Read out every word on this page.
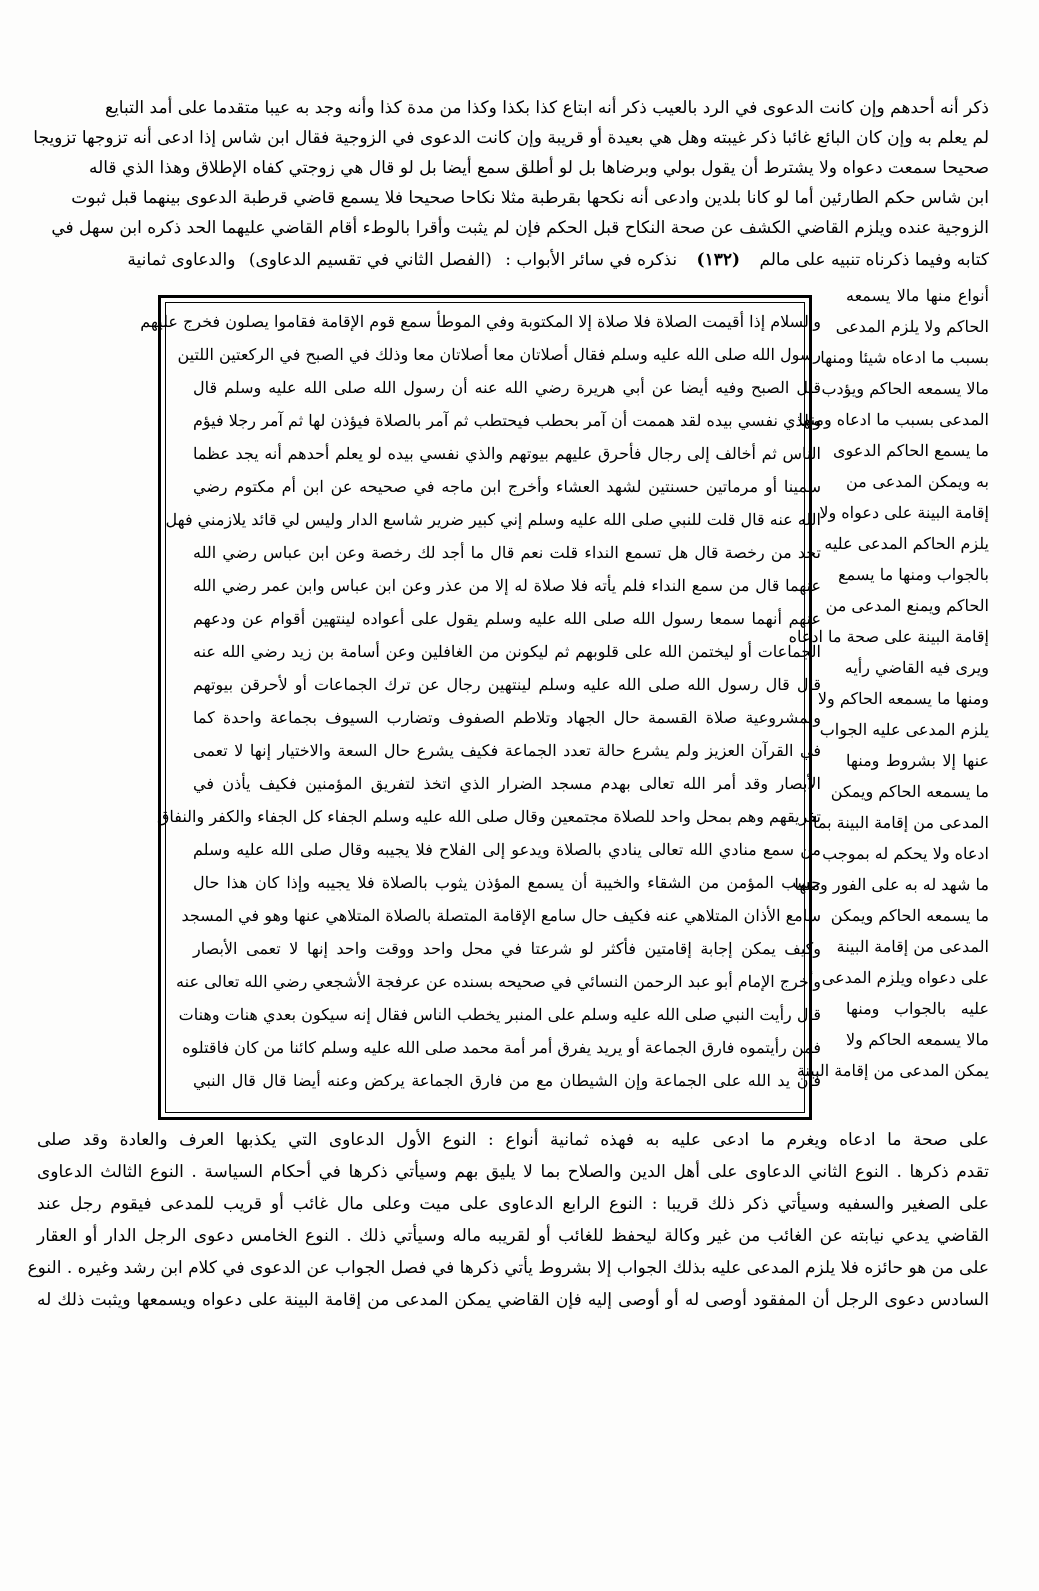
ذكر أنه أحدهم وإن كانت الدعوى في الرد بالعيب ذكر أنه ابتاع كذا بكذا وكذا من مدة كذا وأنه وجد به عيبا متقدما على أمد التبايع
لم يعلم به وإن كان البائع غائبا ذكر غيبته وهل هي بعيدة أو قريبة وإن كانت الدعوى في الزوجية فقال ابن شاس إذا ادعى أنه تزوجها تزويجا
صحيحا سمعت دعواه ولا يشترط أن يقول بولي وبرضاها بل لو أطلق سمع أيضا بل لو قال هي زوجتي كفاه الإطلاق وهذا الذي قاله
ابن شاس حكم الطارئين أما لو كانا بلدين وادعى أنه نكحها بقرطبة مثلا نكاحا صحيحا فلا يسمع قاضي قرطبة الدعوى بينهما قبل ثبوت
الزوجية عنده ويلزم القاضي الكشف عن صحة النكاح قبل الحكم فإن لم يثبت وأقرا بالوطء أقام القاضي عليهما الحد ذكره ابن سهل في
كتابه وفيما ذكرناه تنبيه على مالم (١٣٢) نذكره في سائر الأبواب : (الفصل الثاني في تقسيم الدعاوى) والدعاوى ثمانية
أنواع منها مالا يسمعه
الحاكم ولا يلزم المدعى
بسبب ما ادعاه شيئا ومنها
مالا يسمعه الحاكم ويؤدب
المدعى بسبب ما ادعاه ومنها
ما يسمع الحاكم الدعوى
به ويمكن المدعى من
إقامة البينة على دعواه ولا
يلزم الحاكم المدعى عليه
بالجواب ومنها ما يسمع
الحاكم ويمنع المدعى من
إقامة البينة على صحة ما ادعاه
ويرى فيه القاضي رأيه
ومنها ما يسمعه الحاكم ولا
يلزم المدعى عليه الجواب
عنها إلا بشروط ومنها
ما يسمعه الحاكم ويمكن
المدعى من إقامة البينة بما
ادعاه ولا يحكم له بموجب
ما شهد له به على الفور ومنها
ما يسمعه الحاكم ويمكن
المدعى من إقامة البينة
على دعواه ويلزم المدعى
عليه بالجواب ومنها
مالا يسمعه الحاكم ولا
يمكن المدعى من إقامة البينة
والسلام إذا أقيمت الصلاة فلا صلاة إلا المكتوبة وفي الموطأ سمع قوم الإقامة فقاموا يصلون فخرج عليهم
رسول الله صلى الله عليه وسلم فقال أصلاتان معا أصلاتان معا وذلك في الصبح في الركعتين اللتين
قبل الصبح وفيه أيضا عن أبي هريرة رضي الله عنه أن رسول الله صلى الله عليه وسلم قال
والذي نفسي بيده لقد هممت أن آمر بحطب فيحتطب ثم آمر بالصلاة فيؤذن لها ثم آمر رجلا فيؤم
الناس ثم أخالف إلى رجال فأحرق عليهم بيوتهم والذي نفسي بيده لو يعلم أحدهم أنه يجد عظما
سمينا أو مرماتين حسنتين لشهد العشاء وأخرج ابن ماجه في صحيحه عن ابن أم مكتوم رضي
الله عنه قال قلت للنبي صلى الله عليه وسلم إني كبير ضرير شاسع الدار وليس لي قائد يلازمني فهل
تجد من رخصة قال هل تسمع النداء قلت نعم قال ما أجد لك رخصة وعن ابن عباس رضي الله
عنهما قال من سمع النداء فلم يأته فلا صلاة له إلا من عذر وعن ابن عباس وابن عمر رضي الله
عنهم أنهما سمعا رسول الله صلى الله عليه وسلم يقول على أعواده لينتهين أقوام عن ودعهم
الجماعات أو ليختمن الله على قلوبهم ثم ليكونن من الغافلين وعن أسامة بن زيد رضي الله عنه
قال قال رسول الله صلى الله عليه وسلم لينتهين رجال عن ترك الجماعات أو لأحرقن بيوتهم
ولمشروعية صلاة القسمة حال الجهاد وتلاطم الصفوف وتضارب السيوف بجماعة واحدة كما
في القرآن العزيز ولم يشرع حالة تعدد الجماعة فكيف يشرع حال السعة والاختيار إنها لا تعمى
الأبصار وقد أمر الله تعالى بهدم مسجد الضرار الذي اتخذ لتفريق المؤمنين فكيف يأذن في
تفريقهم وهم بمحل واحد للصلاة مجتمعين وقال صلى الله عليه وسلم الجفاء كل الجفاء والكفر والنفاق
من سمع منادي الله تعالى ينادي بالصلاة ويدعو إلى الفلاح فلا يجيبه وقال صلى الله عليه وسلم
حسب المؤمن من الشقاء والخيبة أن يسمع المؤذن يثوب بالصلاة فلا يجيبه وإذا كان هذا حال
سامع الأذان المتلاهي عنه فكيف حال سامع الإقامة المتصلة بالصلاة المتلاهي عنها وهو في المسجد
وكيف يمكن إجابة إقامتين فأكثر لو شرعتا في محل واحد ووقت واحد إنها لا تعمى الأبصار
وأخرج الإمام أبو عبد الرحمن النسائي في صحيحه بسنده عن عرفجة الأشجعي رضي الله تعالى عنه
قال رأيت النبي صلى الله عليه وسلم على المنبر يخطب الناس فقال إنه سيكون بعدي هنات وهنات
فمن رأيتموه فارق الجماعة أو يريد يفرق أمر أمة محمد صلى الله عليه وسلم كائنا من كان فاقتلوه
فإن يد الله على الجماعة وإن الشيطان مع من فارق الجماعة يركض وعنه أيضا قال قال النبي
على صحة ما ادعاه ويغرم ما ادعى عليه به فهذه ثمانية أنواع : النوع الأول الدعاوى التي يكذبها العرف والعادة وقد صلى
تقدم ذكرها . النوع الثاني الدعاوى على أهل الدين والصلاح بما لا يليق بهم وسيأتي ذكرها في أحكام السياسة . النوع الثالث الدعاوى
على الصغير والسفيه وسيأتي ذكر ذلك قريبا : النوع الرابع الدعاوى على ميت وعلى مال غائب أو قريب للمدعى فيقوم رجل عند
القاضي يدعي نيابته عن الغائب من غير وكالة ليحفظ للغائب أو لقريبه ماله وسيأتي ذلك . النوع الخامس دعوى الرجل الدار أو العقار
على من هو حائزه فلا يلزم المدعى عليه بذلك الجواب إلا بشروط يأتي ذكرها في فصل الجواب عن الدعوى في كلام ابن رشد وغيره . النوع
السادس دعوى الرجل أن المفقود أوصى له أو أوصى إليه فإن القاضي يمكن المدعى من إقامة البينة على دعواه ويسمعها ويثبت ذلك له
